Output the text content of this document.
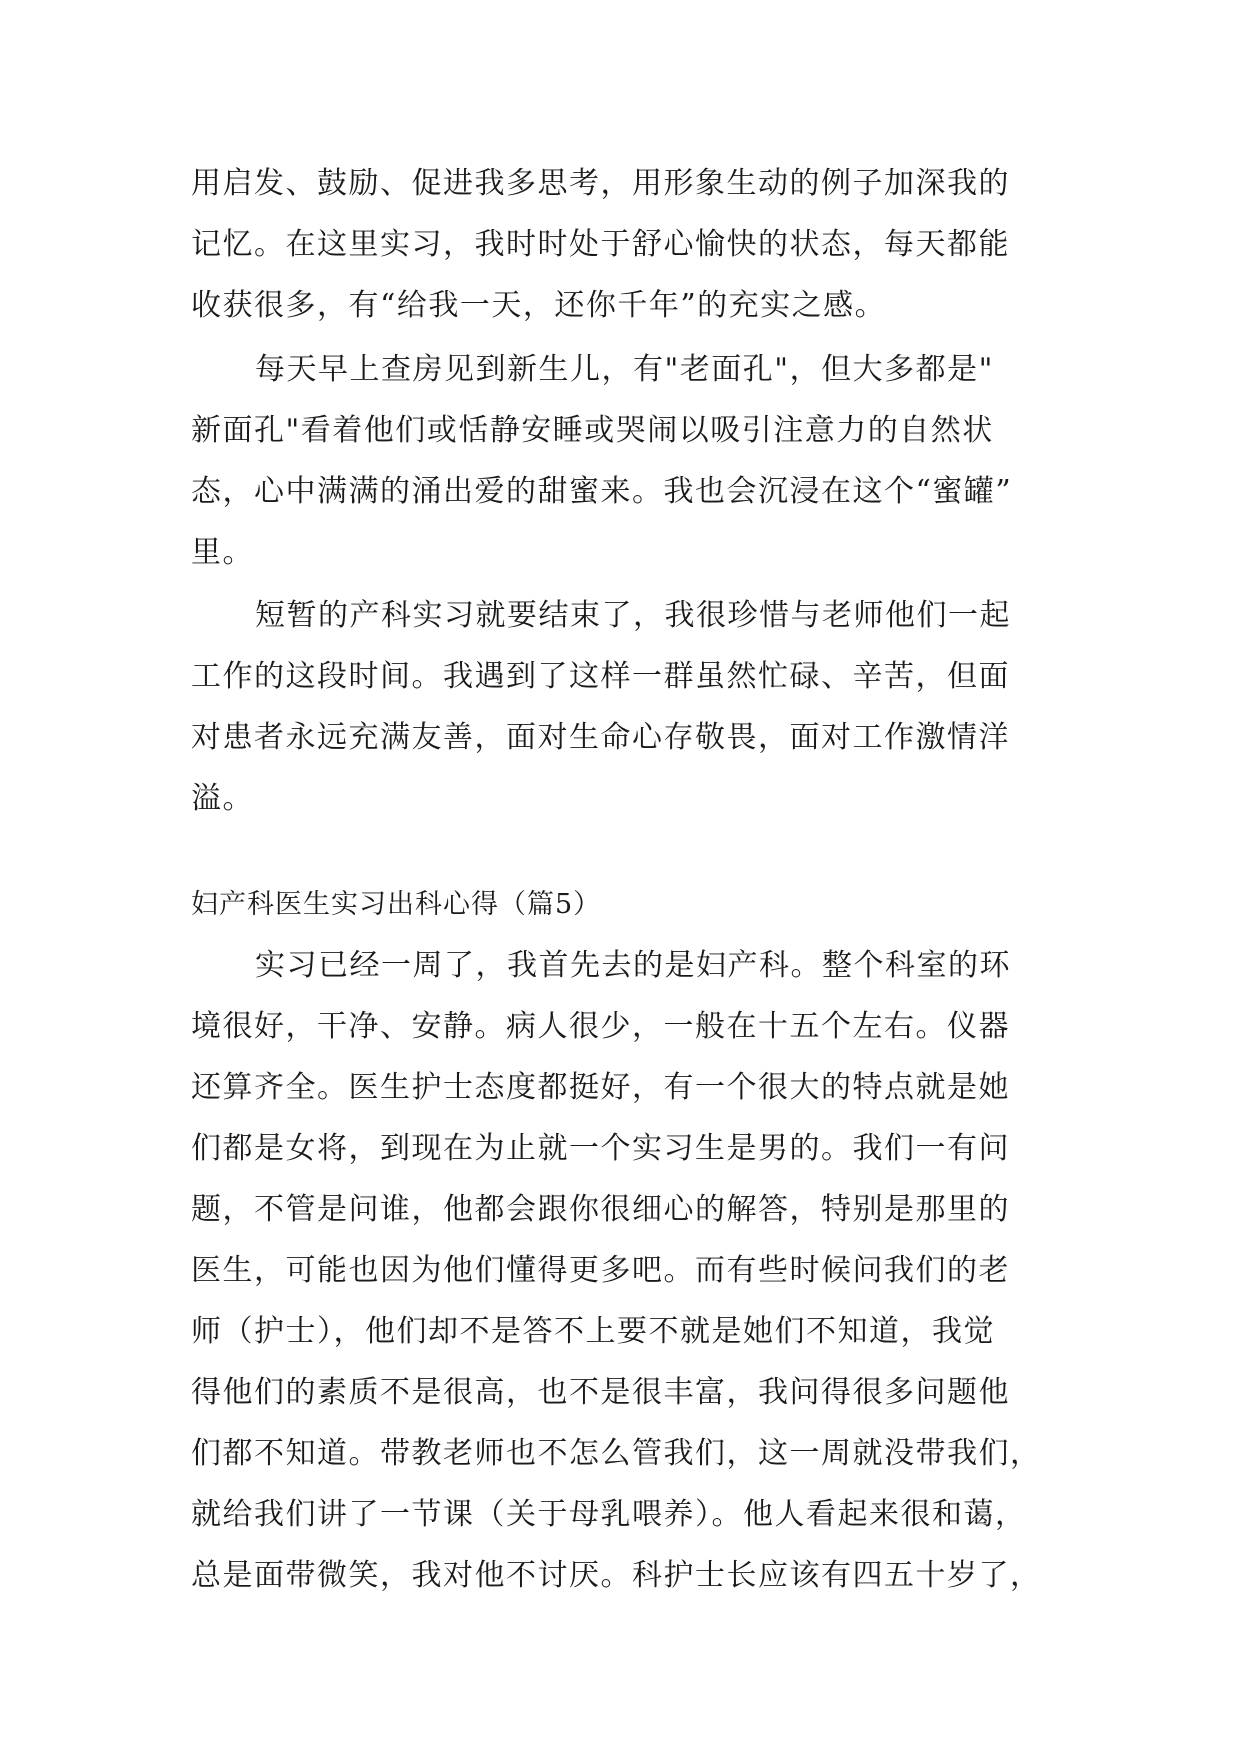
用启发、鼓励、促进我多思考，用形象生动的例子加深我的
记忆。在这里实习，我时时处于舒心愉快的状态，每天都能
收获很多，有“给我一天，还你千年”的充实之感。
每天早上查房见到新生儿，有"老面孔"，但大多都是"
新面孔"看着他们或恬静安睡或哭闹以吸引注意力的自然状
态，心中满满的涌出爱的甜蜜来。我也会沉浸在这个“蜜罐”
里。
短暂的产科实习就要结束了，我很珍惜与老师他们一起
工作的这段时间。我遇到了这样一群虽然忙碌、辛苦，但面
对患者永远充满友善，面对生命心存敬畏，面对工作激情洋
溢。
妇产科医生实习出科心得（篇5）
实习已经一周了，我首先去的是妇产科。整个科室的环
境很好，干净、安静。病人很少，一般在十五个左右。仪器
还算齐全。医生护士态度都挺好，有一个很大的特点就是她
们都是女将，到现在为止就一个实习生是男的。我们一有问
题，不管是问谁，他都会跟你很细心的解答，特别是那里的
医生，可能也因为他们懂得更多吧。而有些时候问我们的老
师（护士），他们却不是答不上要不就是她们不知道，我觉
得他们的素质不是很高，也不是很丰富，我问得很多问题他
们都不知道。带教老师也不怎么管我们，这一周就没带我们，
就给我们讲了一节课（关于母乳喂养）。他人看起来很和蔼，
总是面带微笑，我对他不讨厌。科护士长应该有四五十岁了，
